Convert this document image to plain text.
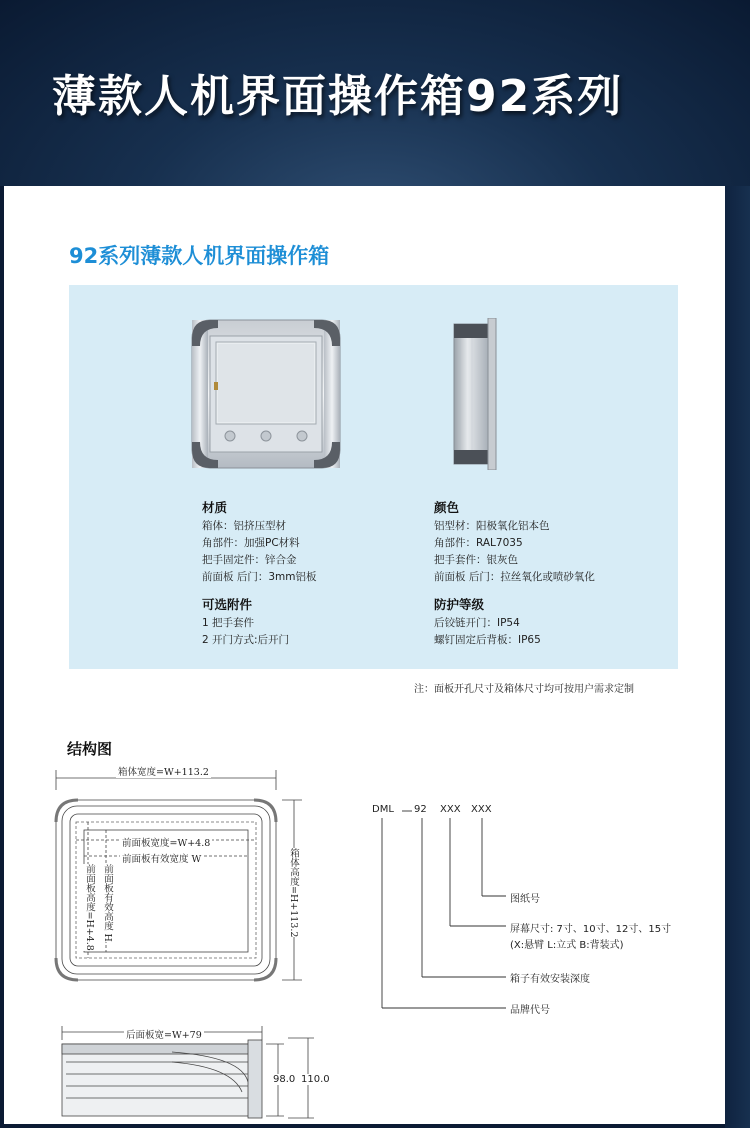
薄款人机界面操作箱92系列
92系列薄款人机界面操作箱
材质
箱体：铝挤压型材
角部件：加强PC材料
把手固定件：锌合金
前面板 后门：3mm铝板
颜色
铝型材：阳极氧化铝本色
角部件：RAL7035
把手套件：银灰色
前面板 后门：拉丝氧化或喷砂氧化
可选附件
1 把手套件
2 开门方式:后开门
防护等级
后铰链开门：IP54
螺钉固定后背板：IP65
注：面板开孔尺寸及箱体尺寸均可按用户需求定制
结构图
箱体宽度=W+113.2
前面板宽度=W+4.8
前面板有效宽度 W
前面板高度=H+4.8 前面板有效高度 H	箱体高度=H+113.2
后面板宽=W+79
98.0 110.0
DML 92 XXX XXX
图纸号
屏幕尺寸: 7寸、10寸、12寸、15寸
(X:悬臂 L:立式 B:背装式)
箱子有效安装深度
品牌代号
